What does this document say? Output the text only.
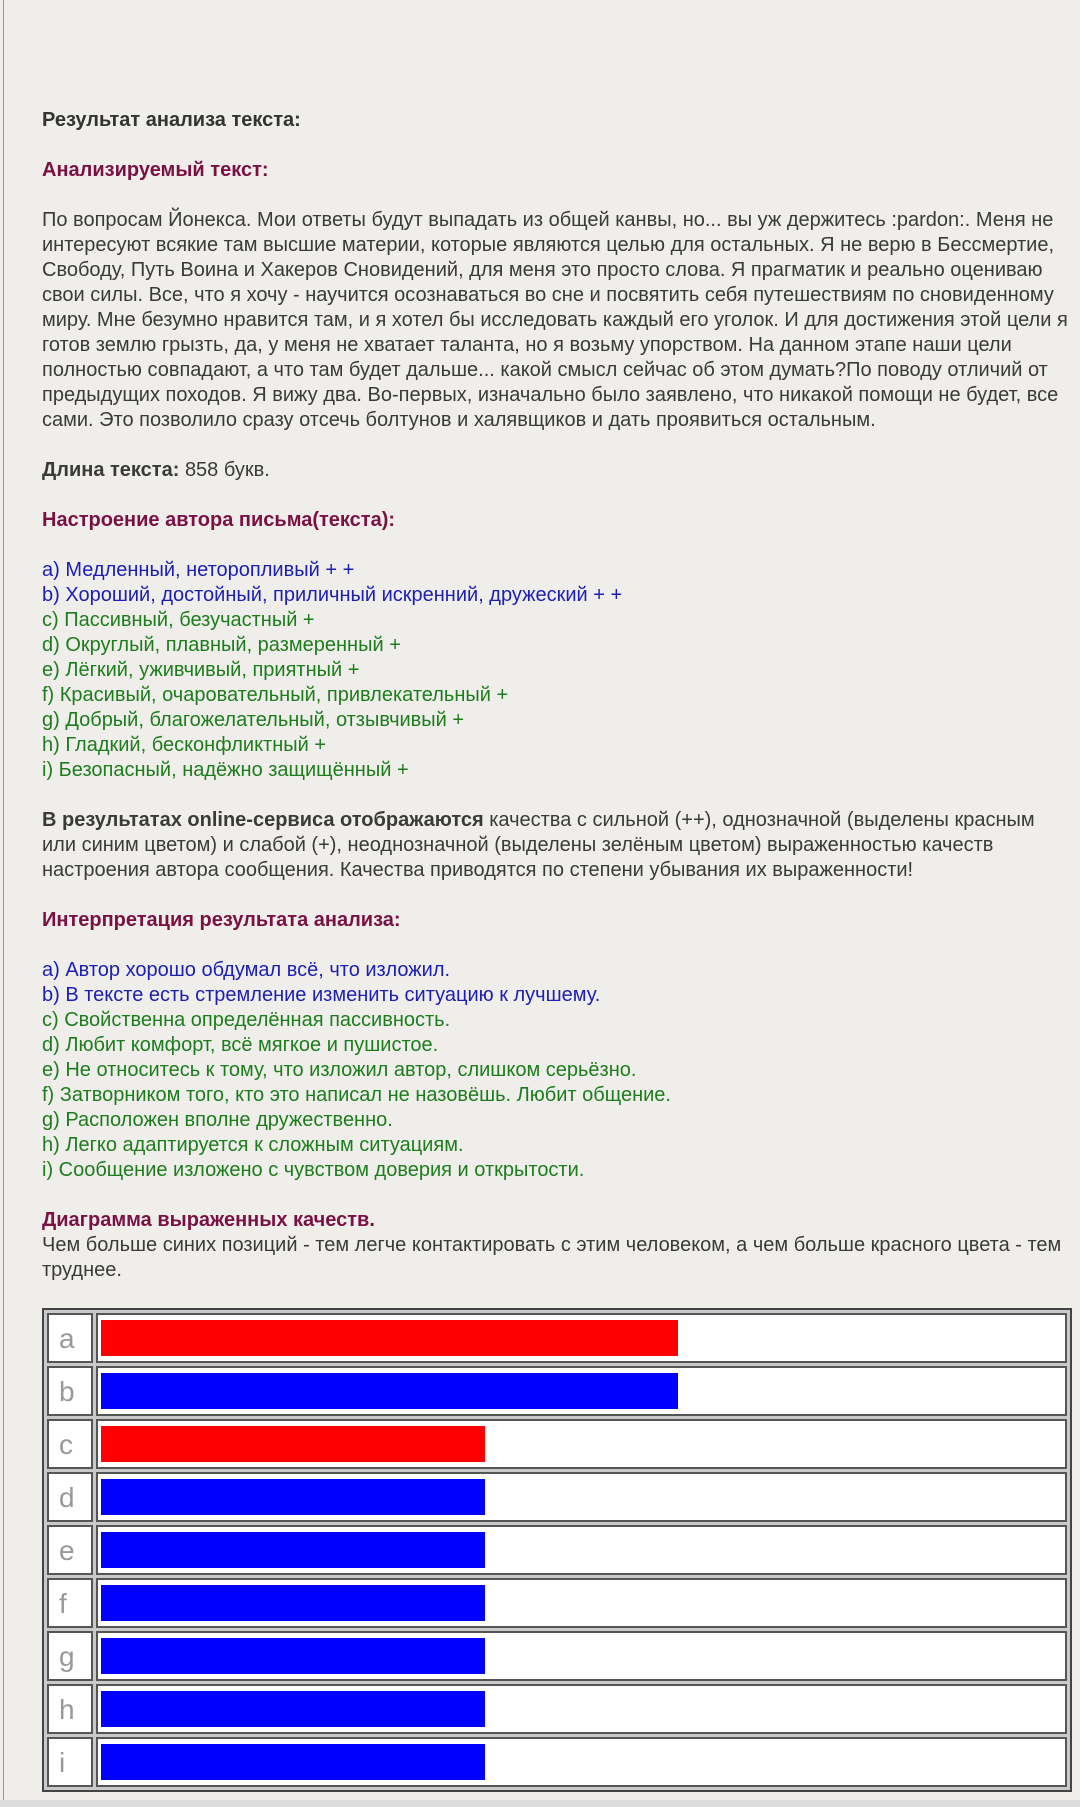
Результат анализа текста:
Анализируемый текст:

По вопросам Йонекса. Мои ответы будут выпадать из общей канвы, но... вы уж держитесь :pardon:. Меня не интересуют всякие там высшие материи, которые являются целью для остальных. Я не верю в Бессмертие, Свободу, Путь Воина и Хакеров Сновидений, для меня это просто слова. Я прагматик и реально оцениваю свои силы. Все, что я хочу - научится осознаваться во сне и посвятить себя путешествиям по сновиденному миру. Мне безумно нравится там, и я хотел бы исследовать каждый его уголок. И для достижения этой цели я готов землю грызть, да, у меня не хватает таланта, но я возьму упорством. На данном этапе наши цели полностью совпадают, а что там будет дальше... какой смысл сейчас об этом думать?По поводу отличий от предыдущих походов. Я вижу два. Во-первых, изначально было заявлено, что никакой помощи не будет, все сами. Это позволило сразу отсечь болтунов и халявщиков и дать проявиться остальным.

Длина текста: 858 букв.

Настроение автора письма(текста):
a) Медленный, неторопливый + +
b) Хороший, достойный, приличный искренний, дружеский + +
c) Пассивный, безучастный +
d) Округлый, плавный, размеренный +
e) Лёгкий, уживчивый, приятный +
f) Красивый, очаровательный, привлекательный +
g) Добрый, благожелательный, отзывчивый +
h) Гладкий, бесконфликтный +
i) Безопасный, надёжно защищённый +

В результатах online-сервиса отображаются качества с сильной (++), однозначной (выделены красным или синим цветом) и слабой (+), неоднозначной (выделены зелёным цветом) выраженностью качеств настроения автора сообщения. Качества приводятся по степени убывания их выраженности!

Интерпретация результата анализа:
a) Автор хорошо обдумал всё, что изложил.
b) В тексте есть стремление изменить ситуацию к лучшему.
c) Свойственна определённая пассивность.
d) Любит комфорт, всё мягкое и пушистое.
e) Не относитесь к тому, что изложил автор, слишком серьёзно.
f) Затворником того, кто это написал не назовёшь. Любит общение.
g) Расположен вполне дружественно.
h) Легко адаптируется к сложным ситуациям.
i) Сообщение изложено с чувством доверия и открытости.
Диаграмма выраженных качеств.
Чем больше синих позиций - тем легче контактировать с этим человеком, а чем больше красного цвета - тем труднее.
a	

b	

c	

d	

e	

f	

g	

h	

i	
